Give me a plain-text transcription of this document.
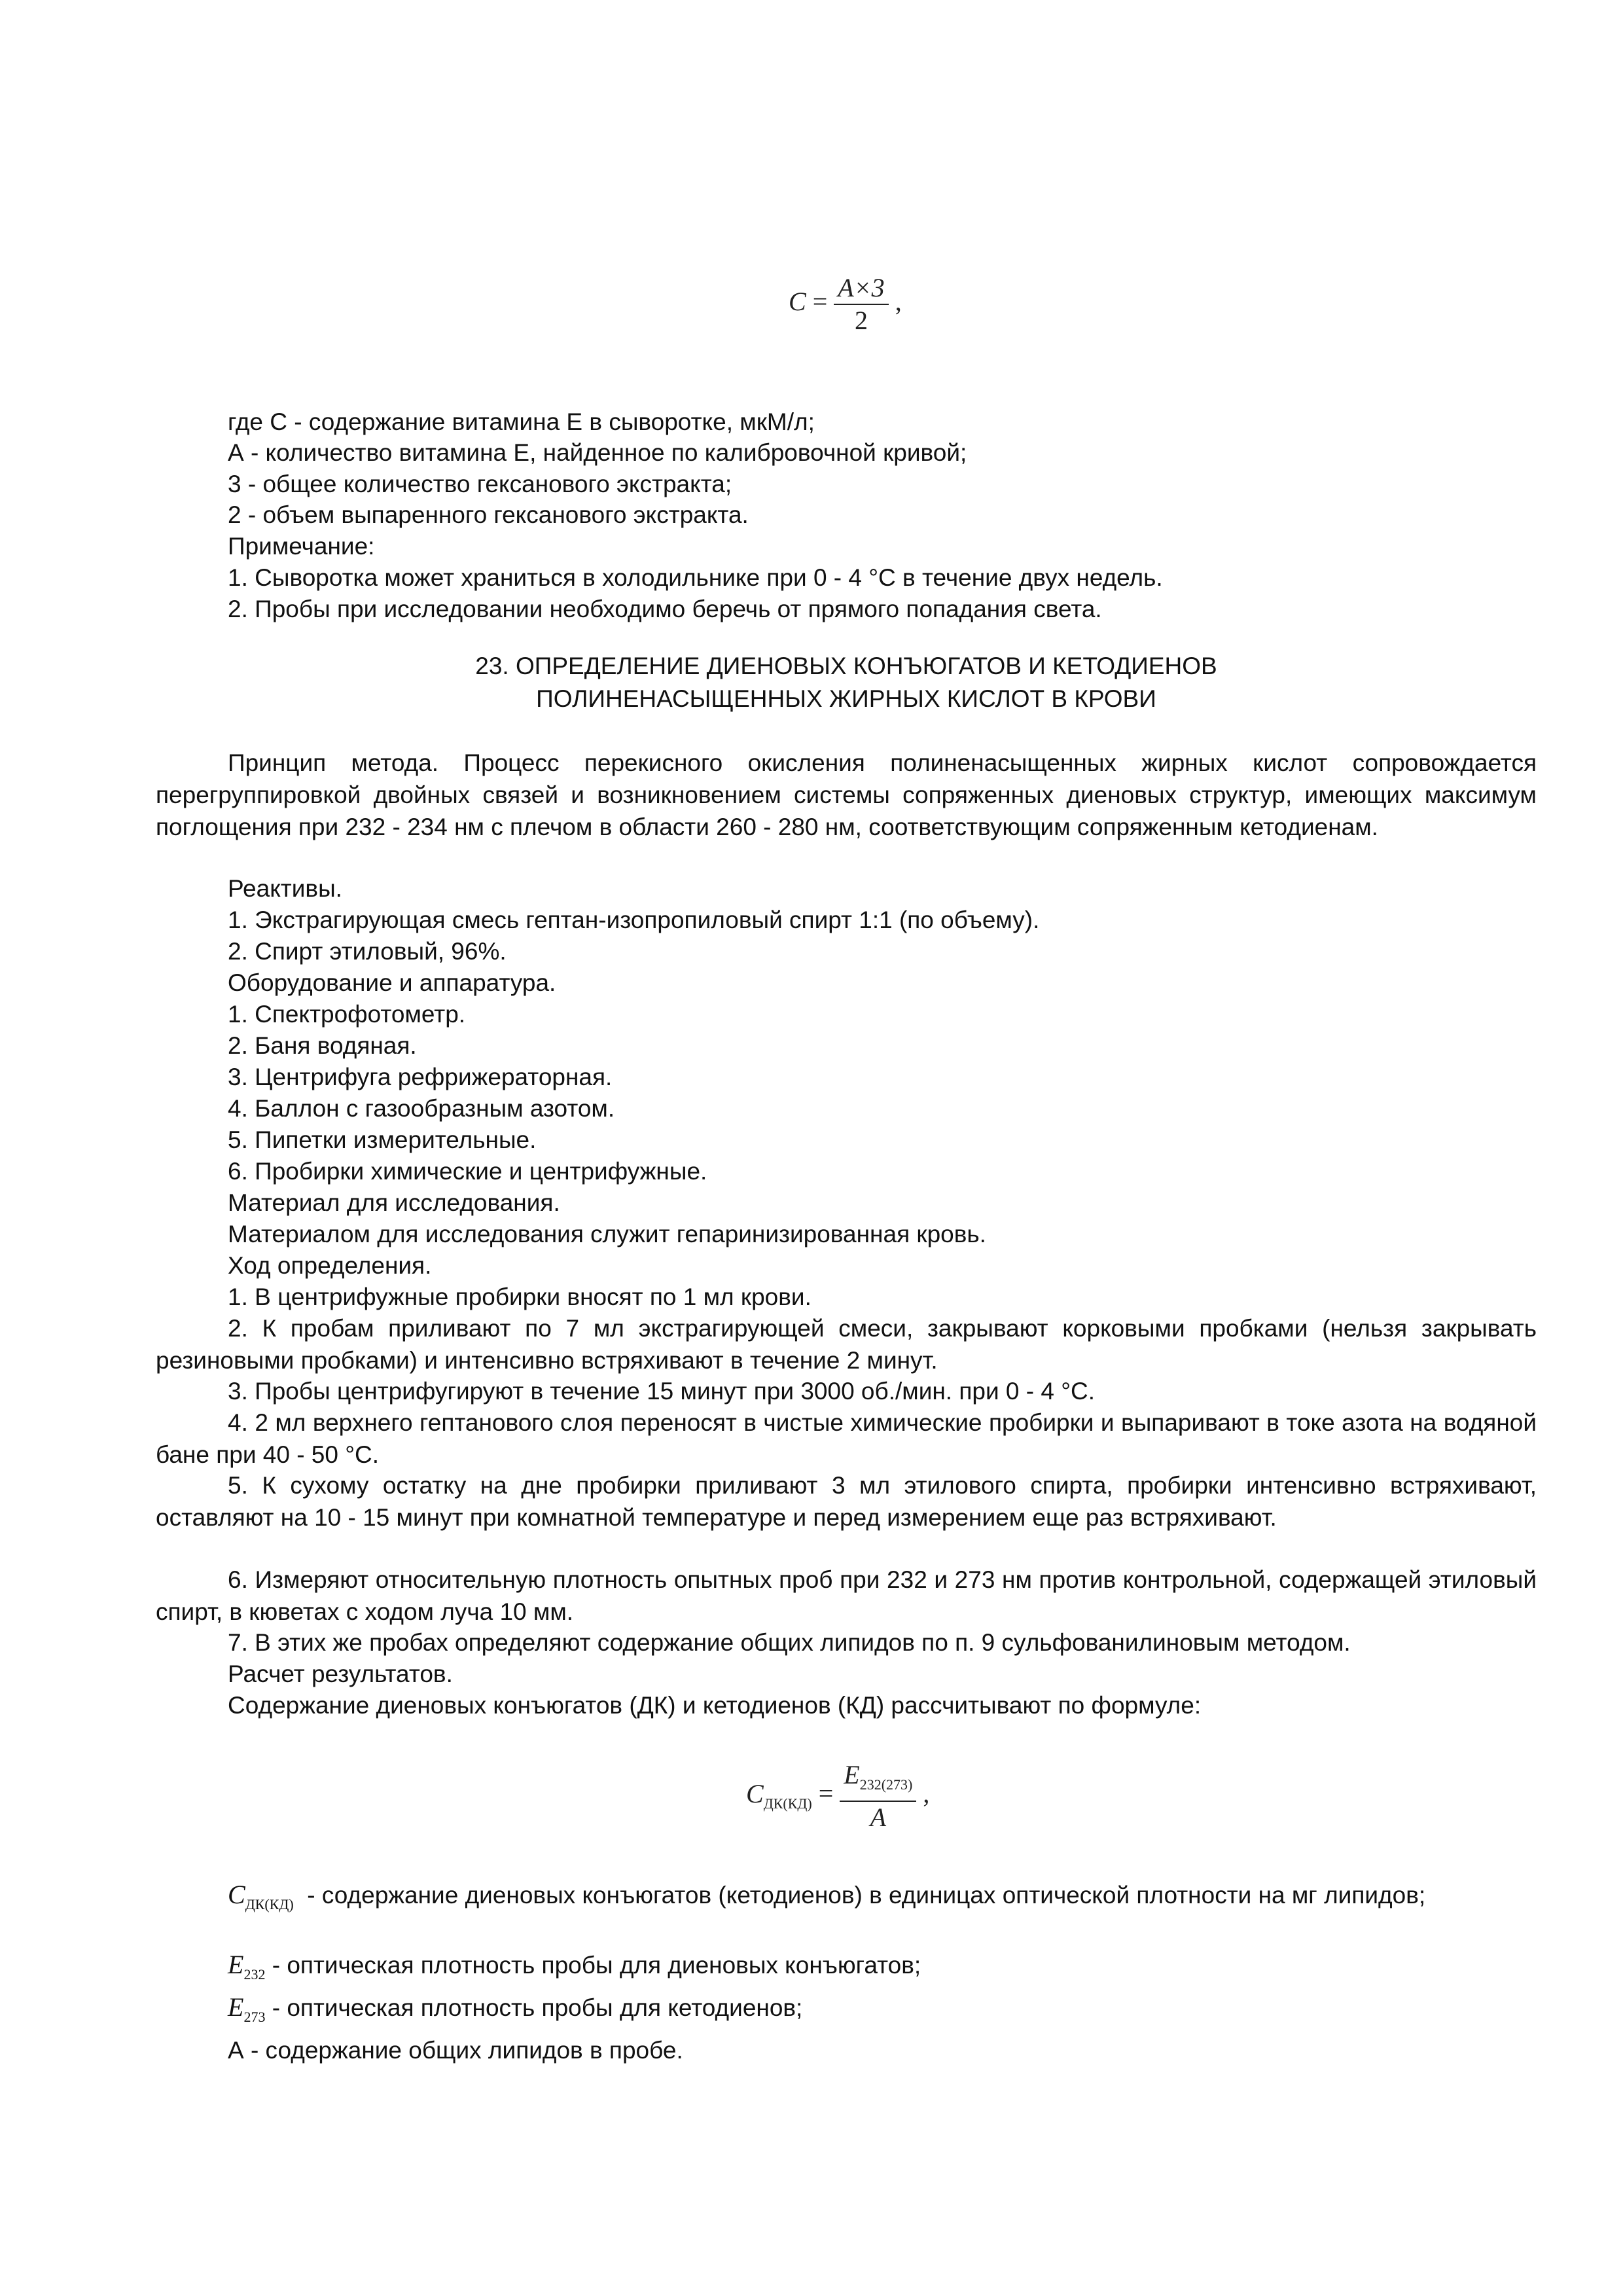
$C = \frac{A\times 3}{2}$ ,
где С - содержание витамина Е в сыворотке, мкМ/л;
А - количество витамина Е, найденное по калибровочной кривой;
3 - общее количество гексанового экстракта;
2 - объем выпаренного гексанового экстракта.
Примечание:
1. Сыворотка может храниться в холодильнике при 0 - 4 °С в течение двух недель.
2. Пробы при исследовании необходимо беречь от прямого попадания света.
23. ОПРЕДЕЛЕНИЕ ДИЕНОВЫХ КОНЪЮГАТОВ И КЕТОДИЕНОВ
ПОЛИНЕНАСЫЩЕННЫХ ЖИРНЫХ КИСЛОТ В КРОВИ
Принцип метода. Процесс перекисного окисления полиненасыщенных жирных кислот сопровождается перегруппировкой двойных связей и возникновением системы сопряженных диеновых структур, имеющих максимум поглощения при 232 - 234 нм с плечом в области 260 - 280 нм, соответствующим сопряженным кетодиенам.
Реактивы.
1. Экстрагирующая смесь гептан-изопропиловый спирт 1:1 (по объему).
2. Спирт этиловый, 96%.
Оборудование и аппаратура.
1. Спектрофотометр.
2. Баня водяная.
3. Центрифуга рефрижераторная.
4. Баллон с газообразным азотом.
5. Пипетки измерительные.
6. Пробирки химические и центрифужные.
Материал для исследования.
Материалом для исследования служит гепаринизированная кровь.
Ход определения.
1. В центрифужные пробирки вносят по 1 мл крови.
2. К пробам приливают по 7 мл экстрагирующей смеси, закрывают корковыми пробками (нельзя закрывать резиновыми пробками) и интенсивно встряхивают в течение 2 минут.
3. Пробы центрифугируют в течение 15 минут при 3000 об./мин. при 0 - 4 °С.
4. 2 мл верхнего гептанового слоя переносят в чистые химические пробирки и выпаривают в токе азота на водяной бане при 40 - 50 °С.
5. К сухому остатку на дне пробирки приливают 3 мл этилового спирта, пробирки интенсивно встряхивают, оставляют на 10 - 15 минут при комнатной температуре и перед измерением еще раз встряхивают.
6. Измеряют относительную плотность опытных проб при 232 и 273 нм против контрольной, содержащей этиловый спирт, в кюветах с ходом луча 10 мм.
7. В этих же пробах определяют содержание общих липидов по п. 9 сульфованилиновым методом.
Расчет результатов.
Содержание диеновых конъюгатов (ДК) и кетодиенов (КД) рассчитывают по формуле:
$C_{ДК(КД)} = \frac{E_{232(273)}}{A}$ ,
$C_{ДК(КД)}$ - содержание диеновых конъюгатов (кетодиенов) в единицах оптической плотности на мг липидов;
$E_{232}$ - оптическая плотность пробы для диеновых конъюгатов;
$E_{273}$ - оптическая плотность пробы для кетодиенов;
А - содержание общих липидов в пробе.
